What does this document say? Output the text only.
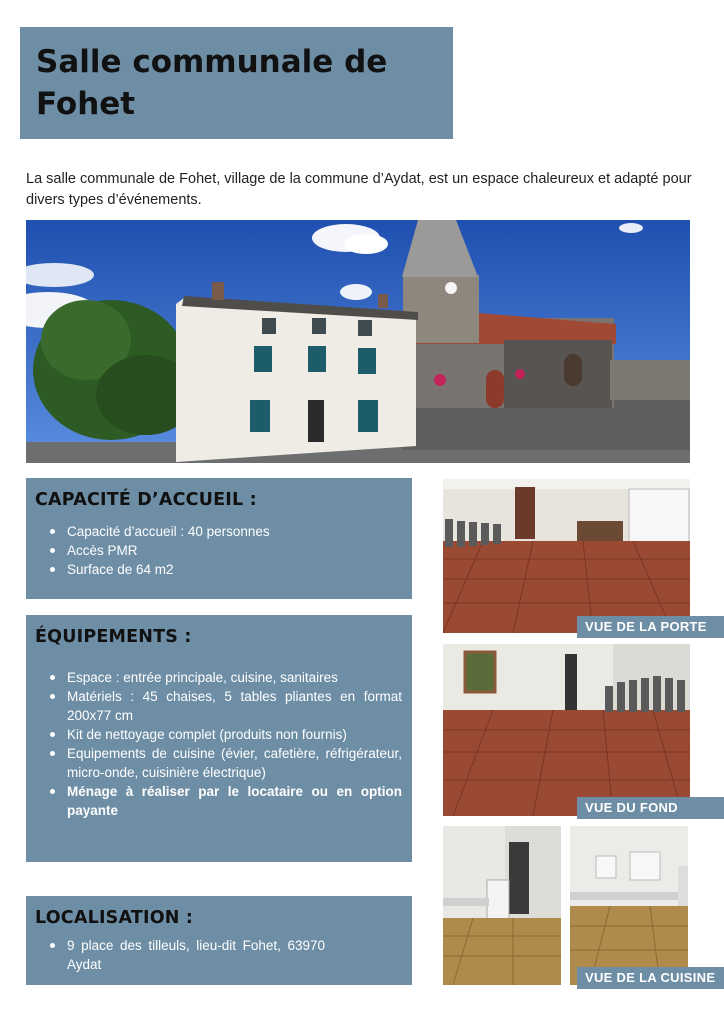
Salle communale de Fohet

La salle communale de Fohet, village de la commune d’Aydat, est un espace chaleureux et adapté pour divers types d’événements.

CAPACITÉ D’ACCUEIL :
Capacité d’accueil : 40 personnes
Accès PMR
Surface de 64 m2
ÉQUIPEMENTS :
Espace : entrée principale, cuisine, sanitaires
Matériels : 45 chaises, 5 tables pliantes en format 200x77 cm
Kit de nettoyage complet (produits non fournis)
Equipements de cuisine (évier, cafetière, réfrigérateur, micro-onde, cuisinière électrique)
Ménage à réaliser par le locataire ou en option payante
LOCALISATION :
9 place des tilleuls, lieu-dit Fohet, 63970 Aydat
VUE DE LA PORTE
VUE DU FOND
VUE DE LA CUISINE
